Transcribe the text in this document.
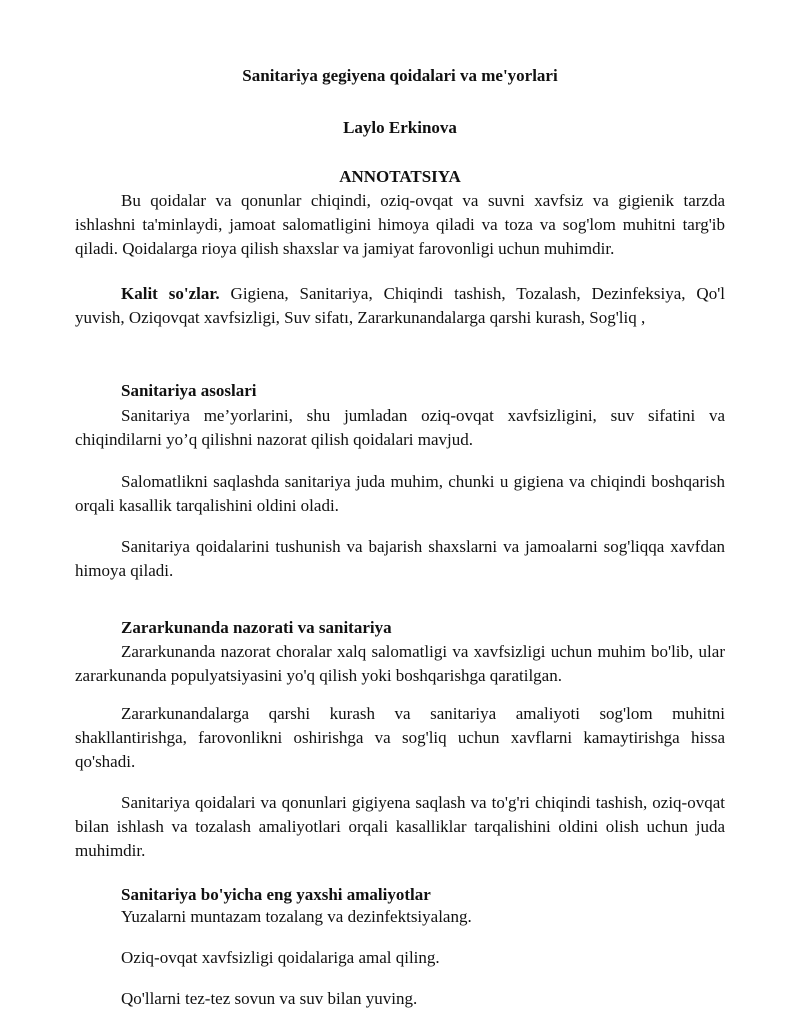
Sanitariya gegiyena qoidalari va me'yorlari

Laylo Erkinova

ANNOTATSIYA

Bu qoidalar va qonunlar chiqindi, oziq-ovqat va suvni xavfsiz va gigienik tarzda ishlashni ta'minlaydi, jamoat salomatligini himoya qiladi va toza va sog'lom muhitni targ'ib qiladi. Qoidalarga rioya qilish shaxslar va jamiyat farovonligi uchun muhimdir.

Kalit so'zlar. Gigiena, Sanitariya, Chiqindi tashish, Tozalash, Dezinfeksiya, Qo'l yuvish, Oziqovqat xavfsizligi, Suv sifatı, Zararkunandalarga qarshi kurash, Sog'liq ,

Sanitariya asoslari

Sanitariya me’yorlarini, shu jumladan oziq-ovqat xavfsizligini, suv sifatini va chiqindilarni yo’q qilishni nazorat qilish qoidalari mavjud.

Salomatlikni saqlashda sanitariya juda muhim, chunki u gigiena va chiqindi boshqarish orqali kasallik tarqalishini oldini oladi.

Sanitariya qoidalarini tushunish va bajarish shaxslarni va jamoalarni sog'liqqa xavfdan himoya qiladi.

Zararkunanda nazorati va sanitariya

Zararkunanda nazorat choralar xalq salomatligi va xavfsizligi uchun muhim bo'lib, ular zararkunanda populyatsiyasini yo'q qilish yoki boshqarishga qaratilgan.

Zararkunandalarga qarshi kurash va sanitariya amaliyoti sog'lom muhitni shakllantirishga, farovonlikni oshirishga va sog'liq uchun xavflarni kamaytirishga hissa qo'shadi.

Sanitariya qoidalari va qonunlari gigiyena saqlash va to'g'ri chiqindi tashish, oziq-ovqat bilan ishlash va tozalash amaliyotlari orqali kasalliklar tarqalishini oldini olish uchun juda muhimdir.

Sanitariya bo'yicha eng yaxshi amaliyotlar

Yuzalarni muntazam tozalang va dezinfektsiyalang.

Oziq-ovqat xavfsizligi qoidalariga amal qiling.

Qo'llarni tez-tez sovun va suv bilan yuving.
